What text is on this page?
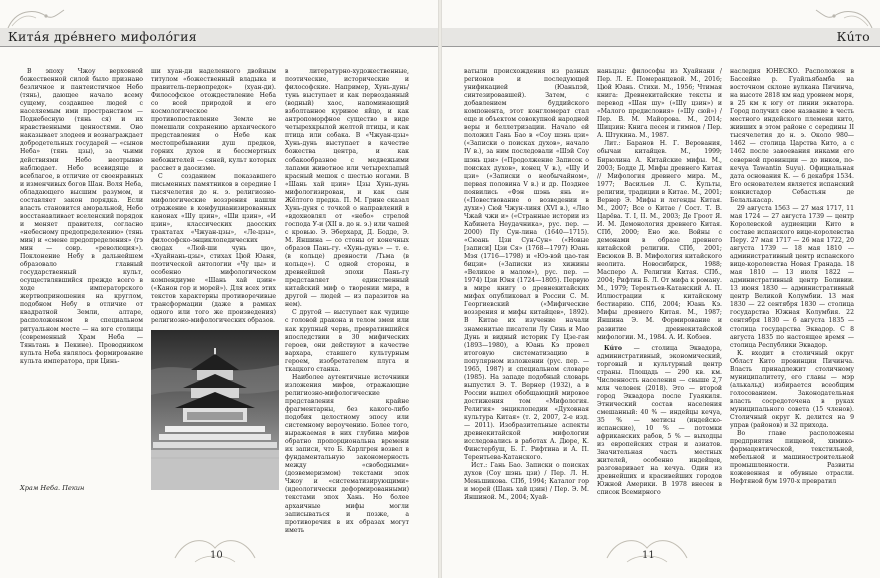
Китáя дрéвнего мифолóгия

В эпоху Чжоу верховной божественной силой было признано безличное и пантеистичное Небо (тянь), дающее начало всему сущему, создавшее людей с населяемым ими пространством — Поднебесную (тянь ся) и их нравственными ценностями. Оно наказывает злодеев и вознаграждает добродетельных государей — «сынов Неба» (тянь цзы), за чьими действиями Небо неотрывно наблюдает. Небо всевидяще и всеблагое, в отличие от своенравных и изменчивых богов Шан. Воля Неба, обладающего высшим разумом, и составляет закон порядка. Если власть становится аморальной, Небо восстанавливает вселенский порядок и меняет правителя, согласно «небесному предопределению» (тянь мин) и «смене предопределения» (гэ мин — совр. «революция»). Поклонение Небу в дальнейшем образовало главный государственный культ, осуществлявшийся прежде всего в ходе императорского жертвоприношения на круглом, подобном Небу в отличие от квадратной Земли, алтаре, расположенном в специальном ритуальном месте — на юге столицы (современный Храм Неба — Тяньтань в Пекине). Проводником культа Неба являлось формирование культа императора, при Цинь-

ши хуан-ди наделенного двойным титулом «божественный владыка и правитель-первопредок» (хуан-ди). Философское отождествление Неба со всей природой и его космологическое противопоставление Земле не помешали сохранению архаического представления о Небе как местопребывании душ предков, горних духов и бессмертных небожителей — сяней, культ которых рассвет в даосизме.

С созданием показавшего письменных памятников в середине I тысячелетия до н. э. религиозно-мифологические воззрения нашли отражение в конфуцианизированных канонах «Шу цзин», «Ши цзин», «И цзин», классических даосских трактатах «Чжуан-цзы», «Ле-цзы», философско-энциклопедических сводах «Люй-ши чунь цю», «Хуайнань-цзы», стихах Цюй Юаня, поэтической антологии «Чу цы» и особенно мифологическом компендиуме «Шань хай цзин» («Канон гор и морей»). Для всех этих текстов характерны противоречивые трансформации (даже в рамках одного или того же произведения) религиозно-мифологических образов.

Храм Неба. Пекин

в литературно-художественные, поэтические, исторические и философские. Например, Хунь-дунь/тунь выступает и как первозданный (водный) хаос, напоминающий взболтанное куриное яйцо, и как антропоморфное существо в виде четырехкрылой желтой птицы, и как птица или собака. В «Чжуан-цзы» Хунь-дунь выступает в качестве божества центра, и как собакообразное с медвежьими лапами животное или четырехлапый красный мешок с шестью ногами. В «Шань хай цзин» Цзы Хунь-дунь мифологизирован, и как сын Жёлтого предка. П. М. Грине сказал Хунь-дуня с точкой о направлений в «вдохновлял от «небо» стрелой господа У-и (XII в. до н. э.) или чашей с кровью. Э. Эберхард, Д. Бодде, Э. М. Яншина — со стоны от конечных образов Пань-гу. «Хунь-дунь» — т. е. (в кольце) древности /Тьма (в кольце»). С одной стороны, в древнейшей эпохи Пань-гу представляет единственный китайский миф о творении мира, в другой — людей — из паразитов на нем).

С другой — выступает как чудище с головой дракона и телом змеи или как крупный червь, превратившийся впоследствии в 30 мифических героев, они действуют в качестве вархара, ставшего культурным героем, изобретателем плуга и ткацкого станка.

Наиболее аутентичные источники изложения мифов, отражающие религиозно-мифологические представления крайне фрагментарны, без какого-либо подобия целостному эпосу или системному вероучению. Более того, выражаемая в них глубина мифов обратно пропорциональна времени их записи, что Б. Карлгрен возвел в фундаментальную закономерность между «свободными» (доэвемеризмом) текстами эпох Чжоу и «систематизирующими» (идеологически деформированными) текстами эпох Хань. Но более архаичные мифы могли записываться и позже, а противоречия в их образах могут иметь

10
Кúто

ватыли происхождения из разных регионов и последующей унификацией (Юаньпэй, синтезировавшей). Затем, с добавлением буддийского компонента, этот конгломерат стал еще и объектом совокупной народной веры и беллетризации. Начало ей положил Гань Бао в «Соу шэнь цзи» («Записки о поисках духов», начало IV в.), за ним последовали «Шэй Соу шэнь цзи» («Продолжение Записок о поисках духов», конец V в.), «Шу И цзи» («Записки о необычайном», первая половина V в.) и др. Позднее появились «Фэн шэнь янь и» («Повествование о возведении в духи») Сюй Чжун-линя (XVI в.), «Ляо Чжай чжи и» («Странные истории из Кабинета Неудачника», рус. пер. — 2000) Пу Сун-лина (1640—1715). «Сюань Цзи Сун-Сун» («Новые [записи] Цзи Ся» (1768—1797) Юань Мэя (1716—1798) и «Юэ-вэй цао-тан бицзи» («Записки из хижины «Великое в малом»), рус. пер. — 1974) Цзи Юня (1724—1805). Первую в мире книгу о древнекитайских мифах опубликовал в России С. М. Георгиевский («Мифические воззрения и мифы китайцев», 1892). В Китае их изучение начали знаменитые писатели Лу Синь и Мао Дунь и видный историк Гу Цзе-ган (1893—1980), а Юань Кэ провел итоговую систематизацию в популярном изложении (рус. пер. — 1965, 1987) и специальном словаре (1985). На западе подобный словарь выпустил Э. Т. Вернер (1932), а в России вышел обобщающий мировое достижения том «Мифология. Религия» энциклопедии «Духовная культура Китая» (т. 2, 2007, 2-е изд. — 2011). Изобразительные аспекты древнекитайской мифологии исследовались в работах А. Дюре, К. Финстербуш, Б. Г. Рифтина и А. П. Терентьева-Катанского.

Ист.: Гань Бао. Записки о поисках духов (Соу шэнь цзи) / Пер. Л. Н. Меньшикова. СПб, 1994; Каталог гор и морей (Шань хай цзин) / Пер. Э. М. Яншиной. М., 2004; Хуай-

наньцзы: философы из Хуайнани / Пер. Л. Е. Померанцевой. М., 2016; Цюй Юань. Стихи. М., 1956; Чтимая книга: Древнекитайские тексты и перевод «Шан шу» («Шу цзин») и «Малого предисловия» («Шу сюй») / Пер. В. М. Майорова. М., 2014; Шицзин: Книга песен и гимнов / Пер. А. Штукина. М., 1987.

Лит.: Баранов Н. Г. Верования, обычаи китайцев. М., 1999; Бирюлина А. Китайские мифы. М., 2003; Бодде Д. Мифы древнего Китая // Мифология древнего мира. М., 1977; Васильев Л. С. Культы, религии, традиции в Китае. М., 2001; Вернер Э. Мифы и легенды Китая. М., 2007; Все о Китае / Сост. Т. В. Царёва. Т. I, II. М., 2003; Де Гроот Я. И. М. Демонология древнего Китая. СПб, 2000; Ено же. Войны с демонами в образе древнего китайской религии. СПб, 2001; Евсюков В. В. Мифология китайского неолита. Новосибирск, 1988; Масперо А. Религии Китая. СПб., 2004; Рифтин Б. Л. От мифа к роману. М., 1979; Терентьев-Катанский А. П. Иллюстрации к китайскому бестиарию. СПб, 2004; Юань Кэ. Мифы древнего Китая. М., 1987; Яншина Э. М. Формирование и развитие древнекитайской мифологии. М., 1984. А. И. Кобзев.

Кúто — столица Эквадора, административный, экономический, торговый и культурный центр страны. Площадь — 290 кв. км. Численность населения — свыше 2,7 млн человек (2018). Это — второй город Эквадора после Гуаякиля. Этнический состав населения смешанный: 40 % — индейцы кечуа, 35 % — метисы (индейско-испанские), 10 % — потомки африканских рабов, 5 % — выходцы из европейских стран и азиатов. Значительная часть местных жителей, особенно индейцев, разговаривает на кечуа. Один из древнейших и красивейших городов Южной Америки. В 1978 внесен в список Всемирного

наследия ЮНЕСКО. Расположен в Бассейне р. Гуайльябамба на восточном склоне вулкана Пичинча, на высоте 2818 км над уровнем моря, в 25 км к югу от линии экватора. Город получил свое название в честь местного индейского племени кито, живших в этом районе с середины II тысячелетия до н. э. Около 980—1462 — столица Царства Кито, а с 1462 после завоевания инками его северной провинции — до инков, по-кечуа Tawantin Suyu). Официальная дата основания К. — 6 декабря 1534. Его основателем является испанский конкистадор Себастьян де Белалькасар.

29 августа 1563 — 27 мая 1717, 11 мая 1724 — 27 августа 1739 — центр Королевской аудиенции Кито в составе испанского вице-королевства Перу. 27 мая 1717 — 26 мая 1722, 20 августа 1739 — 18 мая 1810 — административный центр испанского вице-королевства Новая Гранада. 18 мая 1810 — 13 июля 1822 — административный центр Боливии. 13 июня 1830 — административный центр Великой Колумбии. 13 мая 1830 — 22 сентября 1830 — столица государства Южная Колумбия. 22 сентября 1830 — 6 августа 1835 — столица государства Эквадор. С 8 августа 1835 по настоящее время — столица Республики Эквадор.

К. входит в столичный округ Област Кито провинции Пичинча. Власть принадлежит столичному муниципалитету, его главы — мэр (алькальд) избирается всеобщим голосованием. Законодательная власть сосредоточена в руках муниципального совета (15 членов). Столичный округ К. делится на 9 управ (районов) и 32 прихода.

Во главе расположены предприятия пищевой, химико-фармацевтической, текстильной, мебельной и машиностроительной промышленности. Развиты кожевенная и обувные отрасли. Нефтяной бум 1970-х превратил

11
